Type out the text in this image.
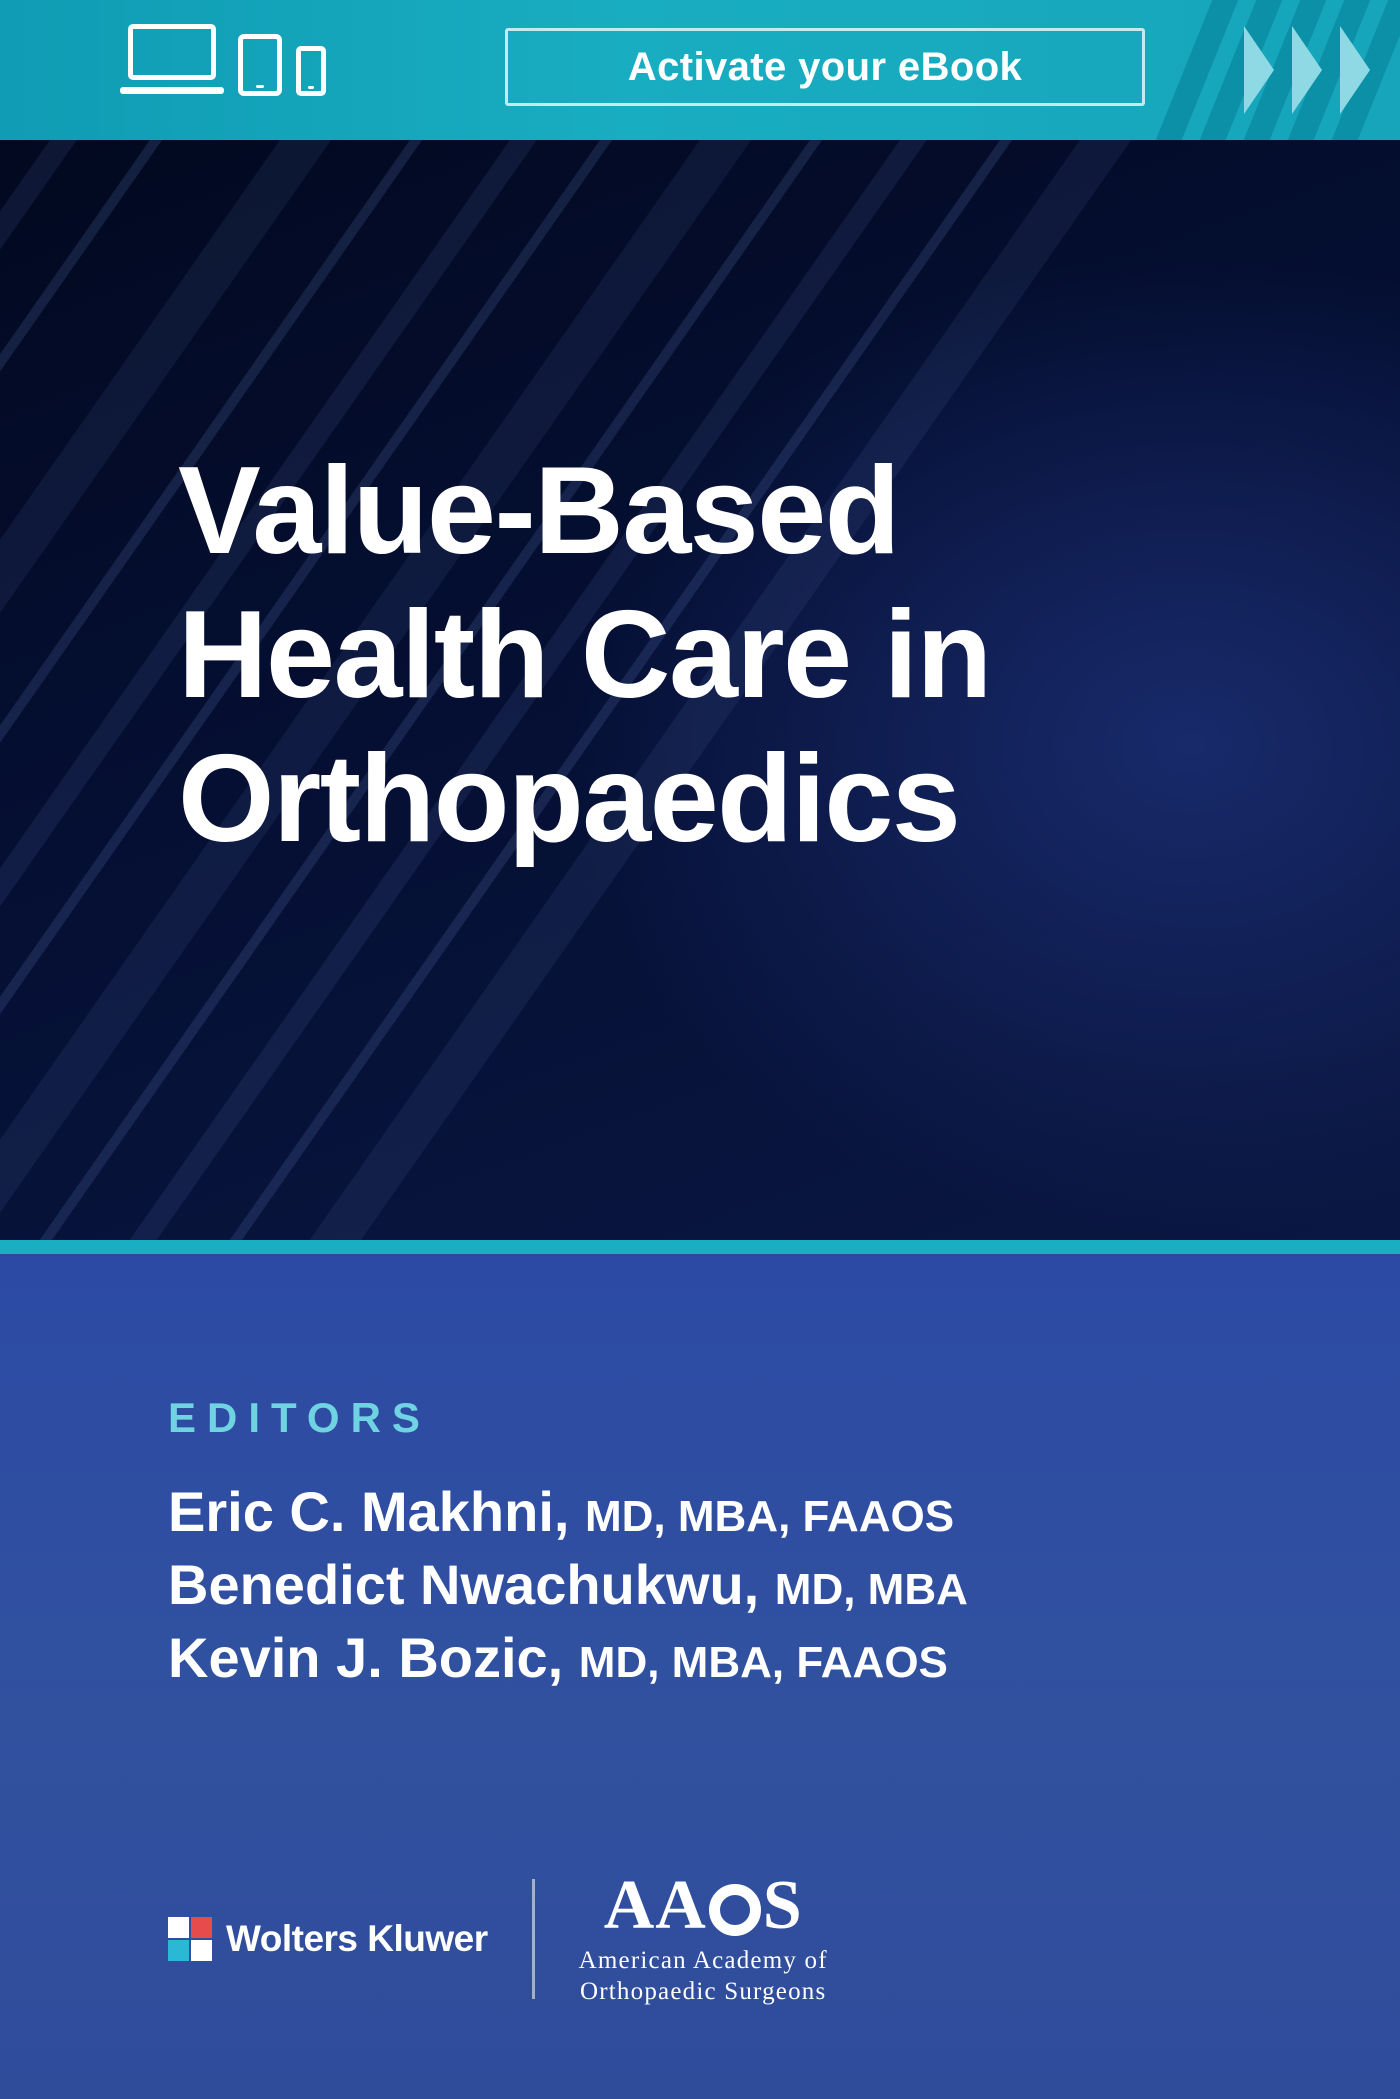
Activate your eBook
Value-Based
Health Care in
Orthopaedics
EDITORS
Eric C. Makhni, MD, MBA, FAAOS
Benedict Nwachukwu, MD, MBA
Kevin J. Bozic, MD, MBA, FAAOS
Wolters Kluwer AA S
American Academy of
Orthopaedic Surgeons
